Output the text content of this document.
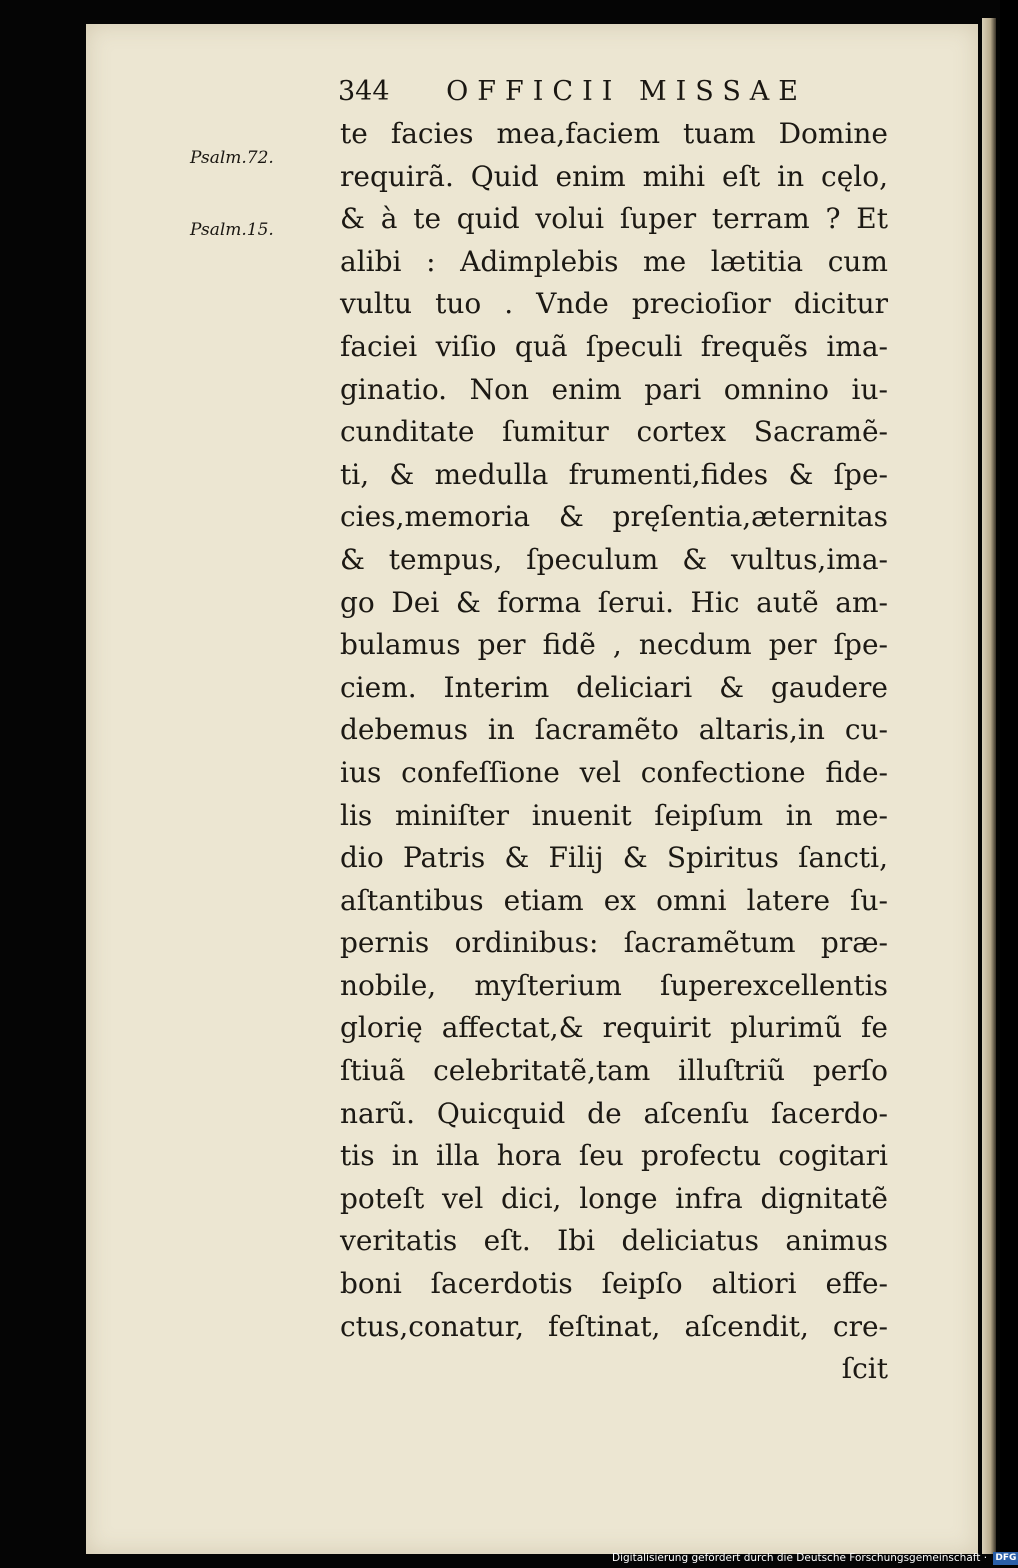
344 OFFICII MISSAE
Psalm.72.
Psalm.15.
te facies mea,faciem tuam Domine
requirã. Quid enim mihi eſt in cęlo,
& à te quid volui ſuper terram ? Et
alibi : Adimplebis me lætitia cum
vultu tuo . Vnde precioſior dicitur
faciei viſio quã ſpeculi frequẽs ima-
ginatio. Non enim pari omnino iu-
cunditate ſumitur cortex Sacramẽ-
ti, & medulla frumenti,fides & ſpe-
cies,memoria & pręſentia,æternitas
& tempus, ſpeculum & vultus,ima-
go Dei & forma ſerui. Hic autẽ am-
bulamus per fidẽ , necdum per ſpe-
ciem. Interim deliciari & gaudere
debemus in ſacramẽto altaris,in cu-
ius confeſſione vel confectione fide-
lis miniſter inuenit ſeipſum in me-
dio Patris & Filij & Spiritus ſancti,
aſtantibus etiam ex omni latere ſu-
pernis ordinibus: ſacramẽtum præ-
nobile, myſterium ſuperexcellentis
glorię affectat,& requirit plurimũ fe
ſtiuã celebritatẽ,tam illuſtriũ perſo
narũ. Quicquid de aſcenſu ſacerdo-
tis in illa hora ſeu profectu cogitari
poteſt vel dici, longe infra dignitatẽ
veritatis eſt. Ibi deliciatus animus
boni ſacerdotis ſeipſo altiori effe-
ctus,conatur, feſtinat, aſcendit, cre-
ſcit
Digitalisierung gefördert durch die Deutsche Forschungsgemeinschaft · DFG
